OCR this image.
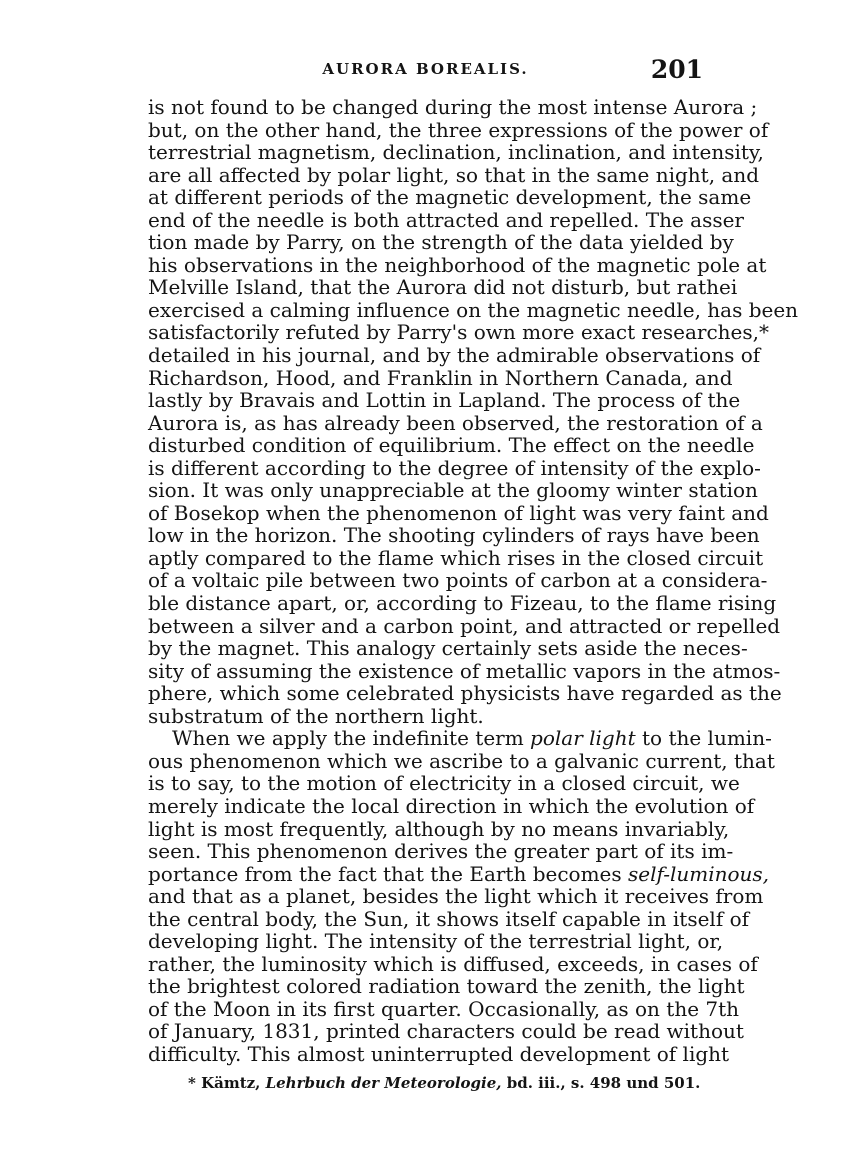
AURORA BOREALIS.	201
is not found to be changed during the most intense Aurora ;
but, on the other hand, the three expressions of the power of
terrestrial magnetism, declination, inclination, and intensity,
are all affected by polar light, so that in the same night, and
at different periods of the magnetic development, the same
end of the needle is both attracted and repelled. The asser
tion made by Parry, on the strength of the data yielded by
his observations in the neighborhood of the magnetic pole at
Melville Island, that the Aurora did not disturb, but rathei
exercised a calming influence on the magnetic needle, has been
satisfactorily refuted by Parry's own more exact researches,*
detailed in his journal, and by the admirable observations of
Richardson, Hood, and Franklin in Northern Canada, and
lastly by Bravais and Lottin in Lapland. The process of the
Aurora is, as has already been observed, the restoration of a
disturbed condition of equilibrium. The effect on the needle
is different according to the degree of intensity of the explo-
sion. It was only unappreciable at the gloomy winter station
of Bosekop when the phenomenon of light was very faint and
low in the horizon. The shooting cylinders of rays have been
aptly compared to the flame which rises in the closed circuit
of a voltaic pile between two points of carbon at a considera-
ble distance apart, or, according to Fizeau, to the flame rising
between a silver and a carbon point, and attracted or repelled
by the magnet. This analogy certainly sets aside the neces-
sity of assuming the existence of metallic vapors in the atmos-
phere, which some celebrated physicists have regarded as the
substratum of the northern light.
When we apply the indefinite term polar light to the lumin-
ous phenomenon which we ascribe to a galvanic current, that
is to say, to the motion of electricity in a closed circuit, we
merely indicate the local direction in which the evolution of
light is most frequently, although by no means invariably,
seen. This phenomenon derives the greater part of its im-
portance from the fact that the Earth becomes self-luminous,
and that as a planet, besides the light which it receives from
the central body, the Sun, it shows itself capable in itself of
developing light. The intensity of the terrestrial light, or,
rather, the luminosity which is diffused, exceeds, in cases of
the brightest colored radiation toward the zenith, the light
of the Moon in its first quarter. Occasionally, as on the 7th
of January, 1831, printed characters could be read without
difficulty. This almost uninterrupted development of light
* Kämtz, Lehrbuch der Meteorologie, bd. iii., s. 498 und 501.
